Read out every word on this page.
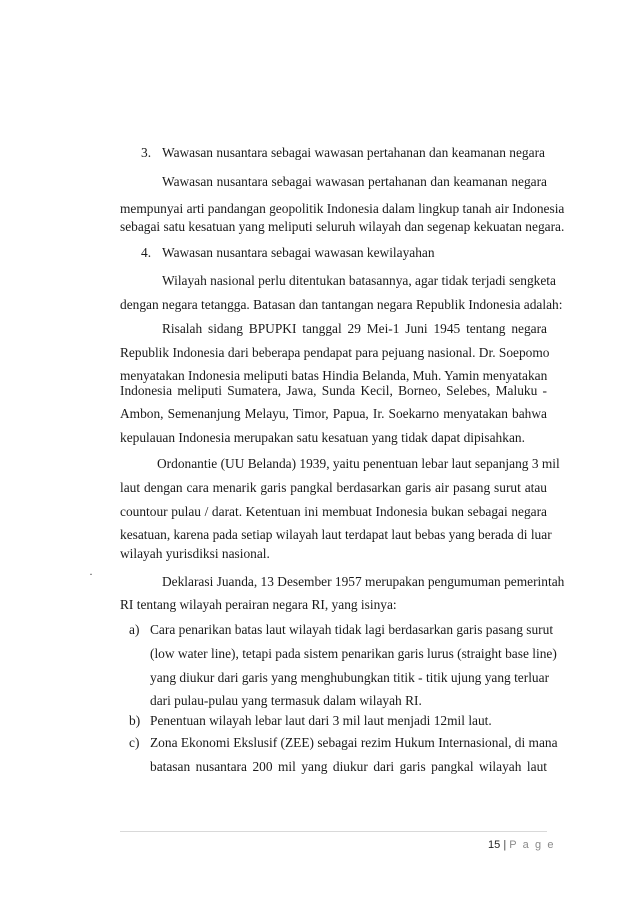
3. Wawasan nusantara sebagai wawasan pertahanan dan keamanan negara
Wawasan nusantara sebagai wawasan pertahanan dan keamanan negara
mempunyai arti pandangan geopolitik Indonesia dalam lingkup tanah air Indonesia
sebagai satu kesatuan yang meliputi seluruh wilayah dan segenap kekuatan negara.
4. Wawasan nusantara sebagai wawasan kewilayahan
Wilayah nasional perlu ditentukan batasannya, agar tidak terjadi sengketa
dengan negara tetangga. Batasan dan tantangan negara Republik Indonesia adalah:
Risalah sidang BPUPKI tanggal 29 Mei-1 Juni 1945 tentang negara
Republik Indonesia dari beberapa pendapat para pejuang nasional. Dr. Soepomo
menyatakan Indonesia meliputi batas Hindia Belanda, Muh. Yamin menyatakan
Indonesia meliputi Sumatera, Jawa, Sunda Kecil, Borneo, Selebes, Maluku -
Ambon, Semenanjung Melayu, Timor, Papua, Ir. Soekarno menyatakan bahwa
kepulauan Indonesia merupakan satu kesatuan yang tidak dapat dipisahkan.
Ordonantie (UU Belanda) 1939, yaitu penentuan lebar laut sepanjang 3 mil
laut dengan cara menarik garis pangkal berdasarkan garis air pasang surut atau
countour pulau / darat. Ketentuan ini membuat Indonesia bukan sebagai negara
kesatuan, karena pada setiap wilayah laut terdapat laut bebas yang berada di luar
wilayah yurisdiksi nasional.
·	Deklarasi Juanda, 13 Desember 1957 merupakan pengumuman pemerintah
RI tentang wilayah perairan negara RI, yang isinya:
a) Cara penarikan batas laut wilayah tidak lagi berdasarkan garis pasang surut
(low water line), tetapi pada sistem penarikan garis lurus (straight base line)
yang diukur dari garis yang menghubungkan titik - titik ujung yang terluar
dari pulau-pulau yang termasuk dalam wilayah RI.
b) Penentuan wilayah lebar laut dari 3 mil laut menjadi 12mil laut.
c) Zona Ekonomi Ekslusif (ZEE) sebagai rezim Hukum Internasional, di mana
batasan nusantara 200 mil yang diukur dari garis pangkal wilayah laut
15 | P a g e
